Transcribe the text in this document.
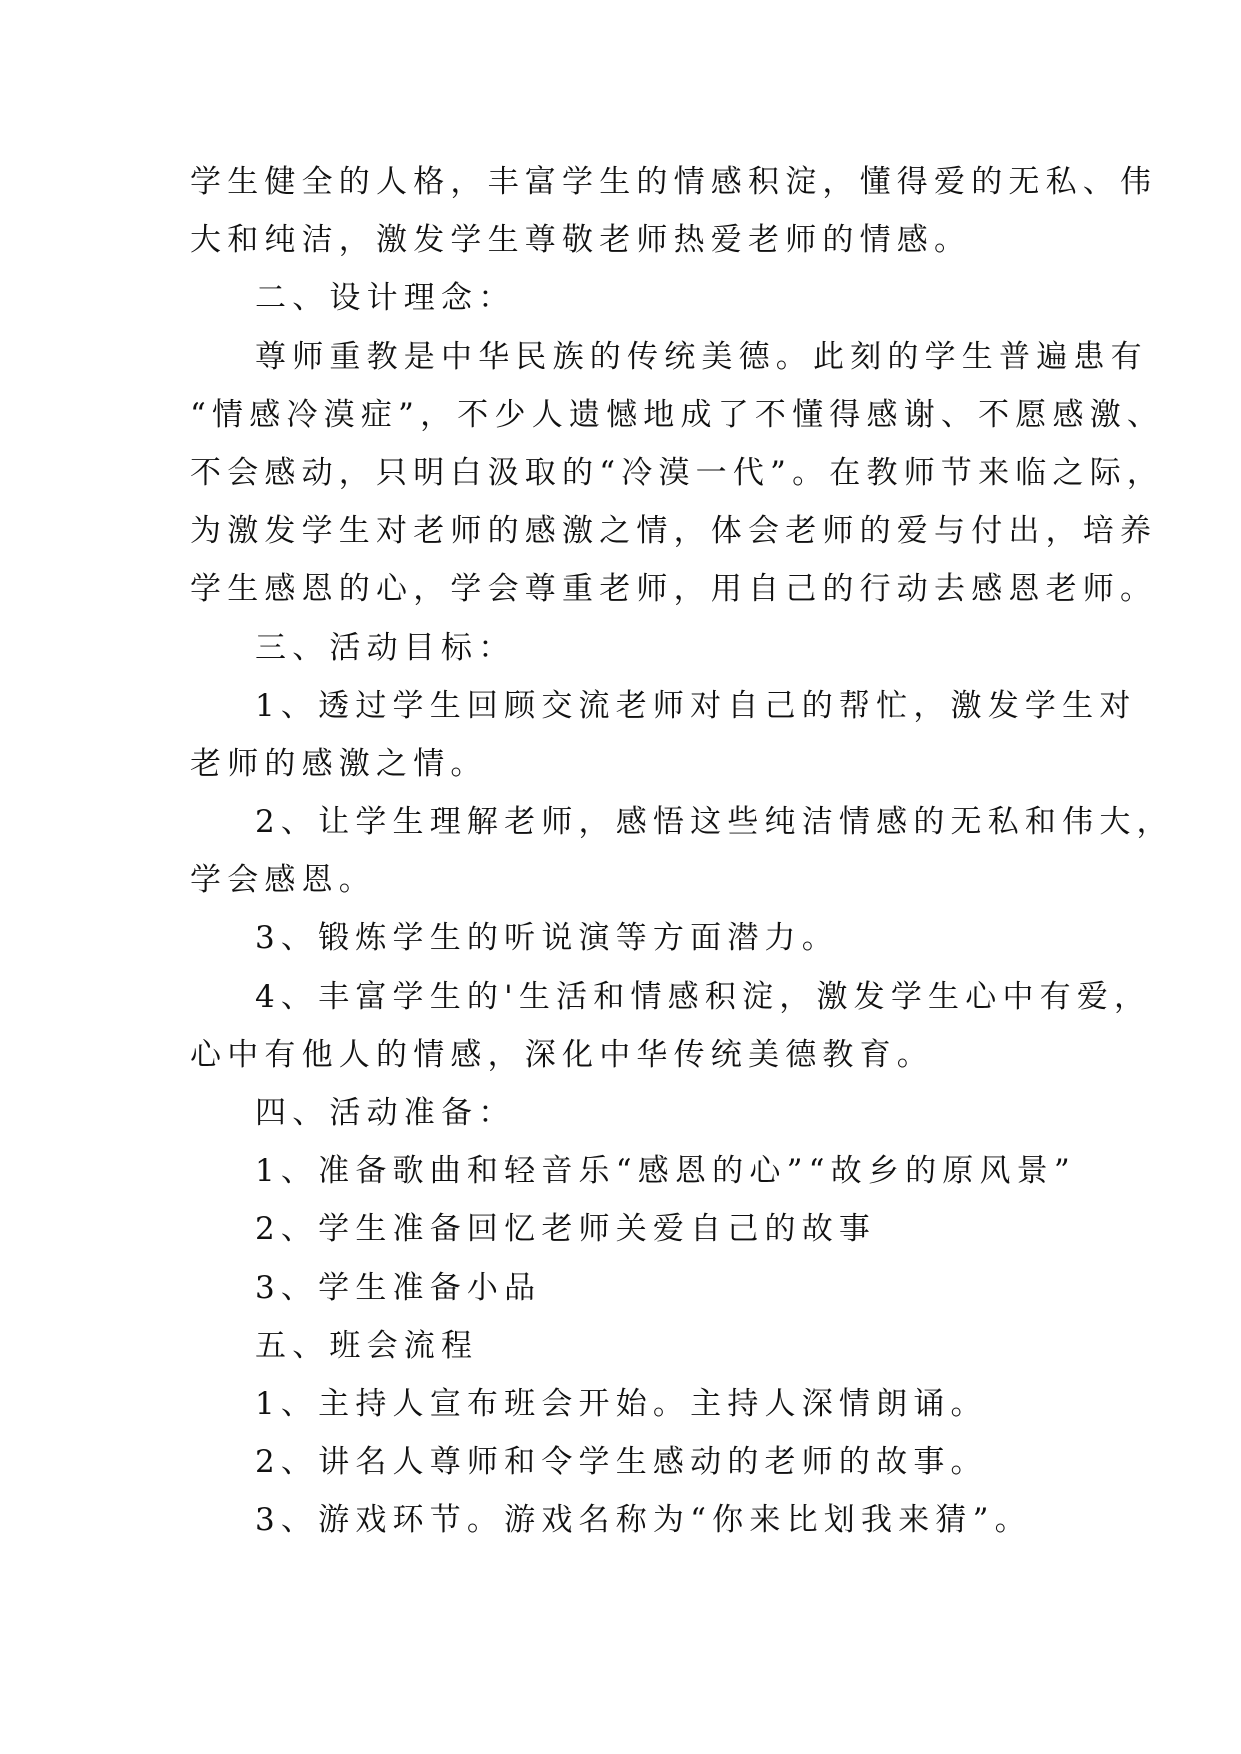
学生健全的人格，丰富学生的情感积淀，懂得爱的无私、伟
大和纯洁，激发学生尊敬老师热爱老师的情感。
二、设计理念：
尊师重教是中华民族的传统美德。此刻的学生普遍患有
“情感冷漠症”，不少人遗憾地成了不懂得感谢、不愿感激、
不会感动，只明白汲取的“冷漠一代”。在教师节来临之际，
为激发学生对老师的感激之情，体会老师的爱与付出，培养
学生感恩的心，学会尊重老师，用自己的行动去感恩老师。
三、活动目标：
1、透过学生回顾交流老师对自己的帮忙，激发学生对
老师的感激之情。
2、让学生理解老师，感悟这些纯洁情感的无私和伟大，
学会感恩。
3、锻炼学生的听说演等方面潜力。
4、丰富学生的'生活和情感积淀，激发学生心中有爱，
心中有他人的情感，深化中华传统美德教育。
四、活动准备：
1、准备歌曲和轻音乐“感恩的心”“故乡的原风景”
2、学生准备回忆老师关爱自己的故事
3、学生准备小品
五、班会流程
1、主持人宣布班会开始。主持人深情朗诵。
2、讲名人尊师和令学生感动的老师的故事。
3、游戏环节。游戏名称为“你来比划我来猜”。
